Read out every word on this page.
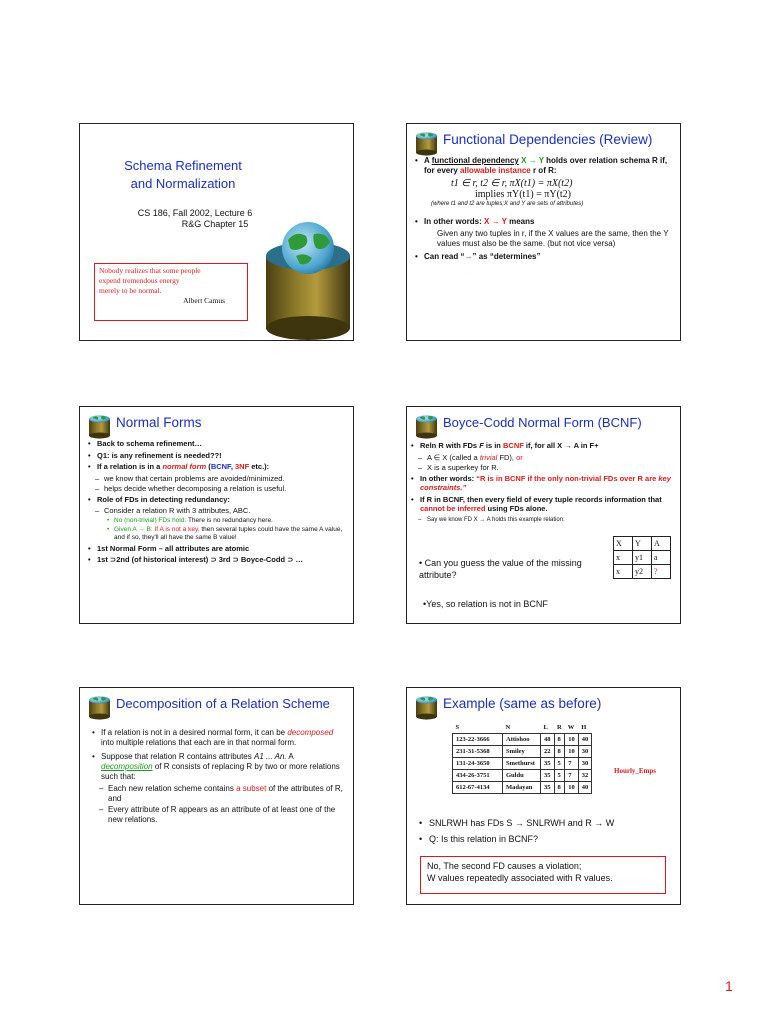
Schema Refinement
and Normalization
CS 186, Fall 2002, Lecture 6
R&G Chapter 15
Nobody realizes that some people
expend tremendous energy
merely to be normal.
Albert Camus
Functional Dependencies (Review)
• A functional dependency X → Y holds over relation schema R if, for every allowable instance r of R:
t1 ∈ r, t2 ∈ r, πX(t1) = πX(t2)
implies πY(t1) = πY(t2)
(where t1 and t2 are tuples;X and Y are sets of attributes)
• In other words: X → Y means
Given any two tuples in r, if the X values are the same, then the Y values must also be the same. (but not vice versa)
• Can read “→” as “determines”
Normal Forms
• Back to schema refinement…
• Q1: is any refinement is needed??!
• If a relation is in a normal form (BCNF, 3NF etc.):
– we know that certain problems are avoided/minimized.
– helps decide whether decomposing a relation is useful.
• Role of FDs in detecting redundancy:
– Consider a relation R with 3 attributes, ABC.
• No (non-trivial) FDs hold: There is no redundancy here.
• Given A → B: If A is not a key, then several tuples could have the same A value, and if so, they'll all have the same B value!
• 1st Normal Form – all attributes are atomic
• 1st ⊃2nd (of historical interest) ⊃ 3rd ⊃ Boyce-Codd ⊃ …
Boyce-Codd Normal Form (BCNF)
• Reln R with FDs F is in BCNF if, for all X → A in F+
– A ∈ X (called a trivial FD), or
– X is a superkey for R.
• In other words: “R is in BCNF if the only non-trivial FDs over R are key constraints.”
• If R in BCNF, then every field of every tuple records information that cannot be inferred using FDs alone.
– Say we know FD X → A holds this example relation:
• Can you guess the value of the missing attribute?
•Yes, so relation is not in BCNF
X	Y	A
x	y1	a
x	y2	?
Decomposition of a Relation Scheme
• If a relation is not in a desired normal form, it can be decomposed into multiple relations that each are in that normal form.
• Suppose that relation R contains attributes A1 ... An. A decomposition of R consists of replacing R by two or more relations such that:
– Each new relation scheme contains a subset of the attributes of R, and
– Every attribute of R appears as an attribute of at least one of the new relations.
Example (same as before)
S	N	L	R	W	H
123-22-3666	Attishoo	48	8	10	40
231-31-5368	Smiley	22	8	10	30
131-24-3650	Smethurst	35	5	7	30
434-26-3751	Guldu	35	5	7	32
612-67-4134	Madayan	35	8	10	40
Hourly_Emps
• SNLRWH has FDs S → SNLRWH and R → W
• Q: Is this relation in BCNF?
No, The second FD causes a violation;
W values repeatedly associated with R values.
1
